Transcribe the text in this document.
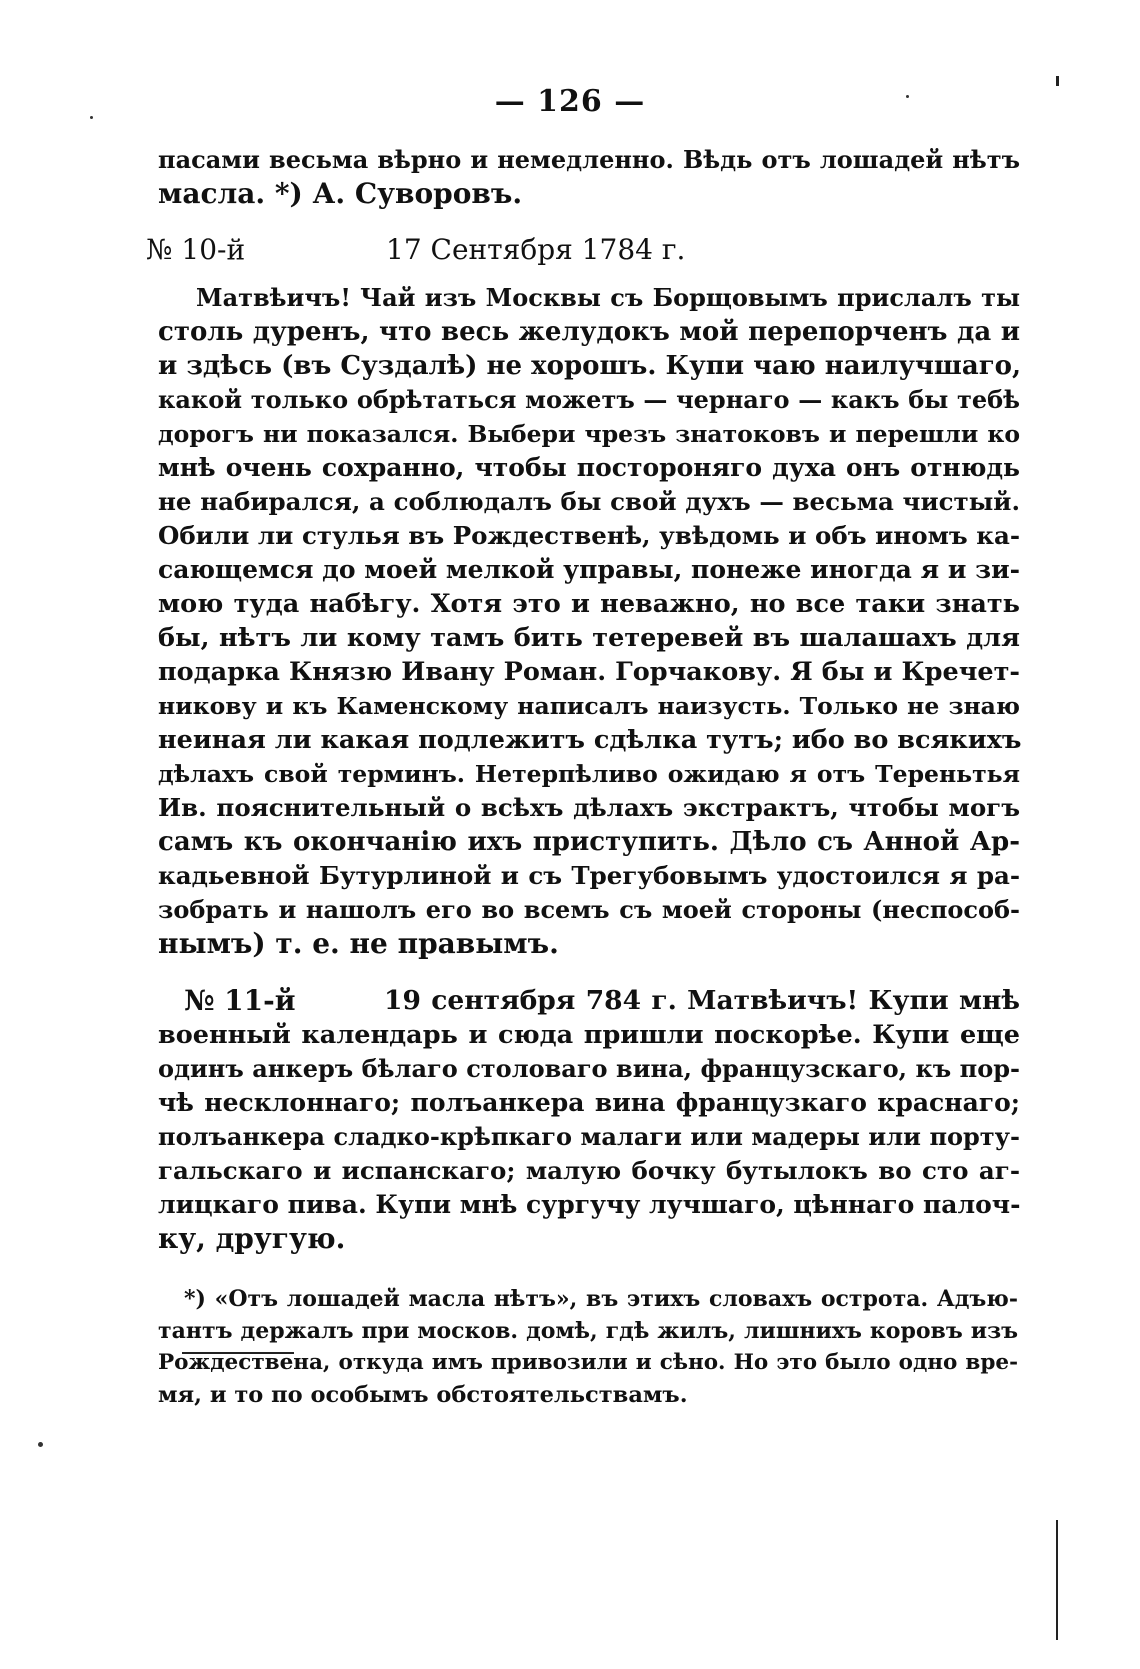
— 126 —
пасами весьма вѣрно и немедленно. Вѣдь отъ лошадей нѣтъ
масла. *) А. Суворовъ.
№ 10-й	17 Сентября 1784 г.
Матвѣичъ! Чай изъ Москвы съ Борщовымъ прислалъ ты
столь дуренъ, что весь желудокъ мой перепорченъ да и
и здѣсь (въ Суздалѣ) не хорошъ. Купи чаю наилучшаго,
какой только обрѣтаться можетъ — чернаго — какъ бы тебѣ
дорогъ ни показался. Выбери чрезъ знатоковъ и перешли ко
мнѣ очень сохранно, чтобы постороняго духа онъ отнюдь
не набирался, а соблюдалъ бы свой духъ — весьма чистый.
Обили ли стулья въ Рождественѣ, увѣдомь и объ иномъ ка-
сающемся до моей мелкой управы, понеже иногда я и зи-
мою туда набѣгу. Хотя это и неважно, но все таки знать
бы, нѣтъ ли кому тамъ бить тетеревей въ шалашахъ для
подарка Князю Ивану Роман. Горчакову. Я бы и Кречет-
никову и къ Каменскому написалъ наизусть. Только не знаю
неиная ли какая подлежитъ сдѣлка тутъ; ибо во всякихъ
дѣлахъ свой терминъ. Нетерпѣливо ожидаю я отъ Тереньтья
Ив. пояснительный о всѣхъ дѣлахъ экстрактъ, чтобы могъ
самъ къ окончанію ихъ приступить. Дѣло съ Анной Ар-
кадьевной Бутурлиной и съ Трегубовымъ удостоился я ра-
зобрать и нашолъ его во всемъ съ моей стороны (неспособ-
нымъ) т. е. не правымъ.
№ 11-й	19 сентября 784 г. Матвѣичъ! Купи мнѣ
военный календарь и сюда пришли поскорѣе. Купи еще
одинъ анкеръ бѣлаго столоваго вина, французскаго, къ пор-
чѣ несклоннаго; полъанкера вина французкаго краснаго;
полъанкера сладко-крѣпкаго малаги или мадеры или порту-
гальскаго и испанскаго; малую бочку бутылокъ во сто аг-
лицкаго пива. Купи мнѣ сургучу лучшаго, цѣннаго палоч-
ку, другую.
*) «Отъ лошадей масла нѣтъ», въ этихъ словахъ острота. Адъю-
тантъ держалъ при москов. домѣ, гдѣ жилъ, лишнихъ коровъ изъ
Рождествена, откуда имъ привозили и сѣно. Но это было одно вре-
мя, и то по особымъ обстоятельствамъ.
